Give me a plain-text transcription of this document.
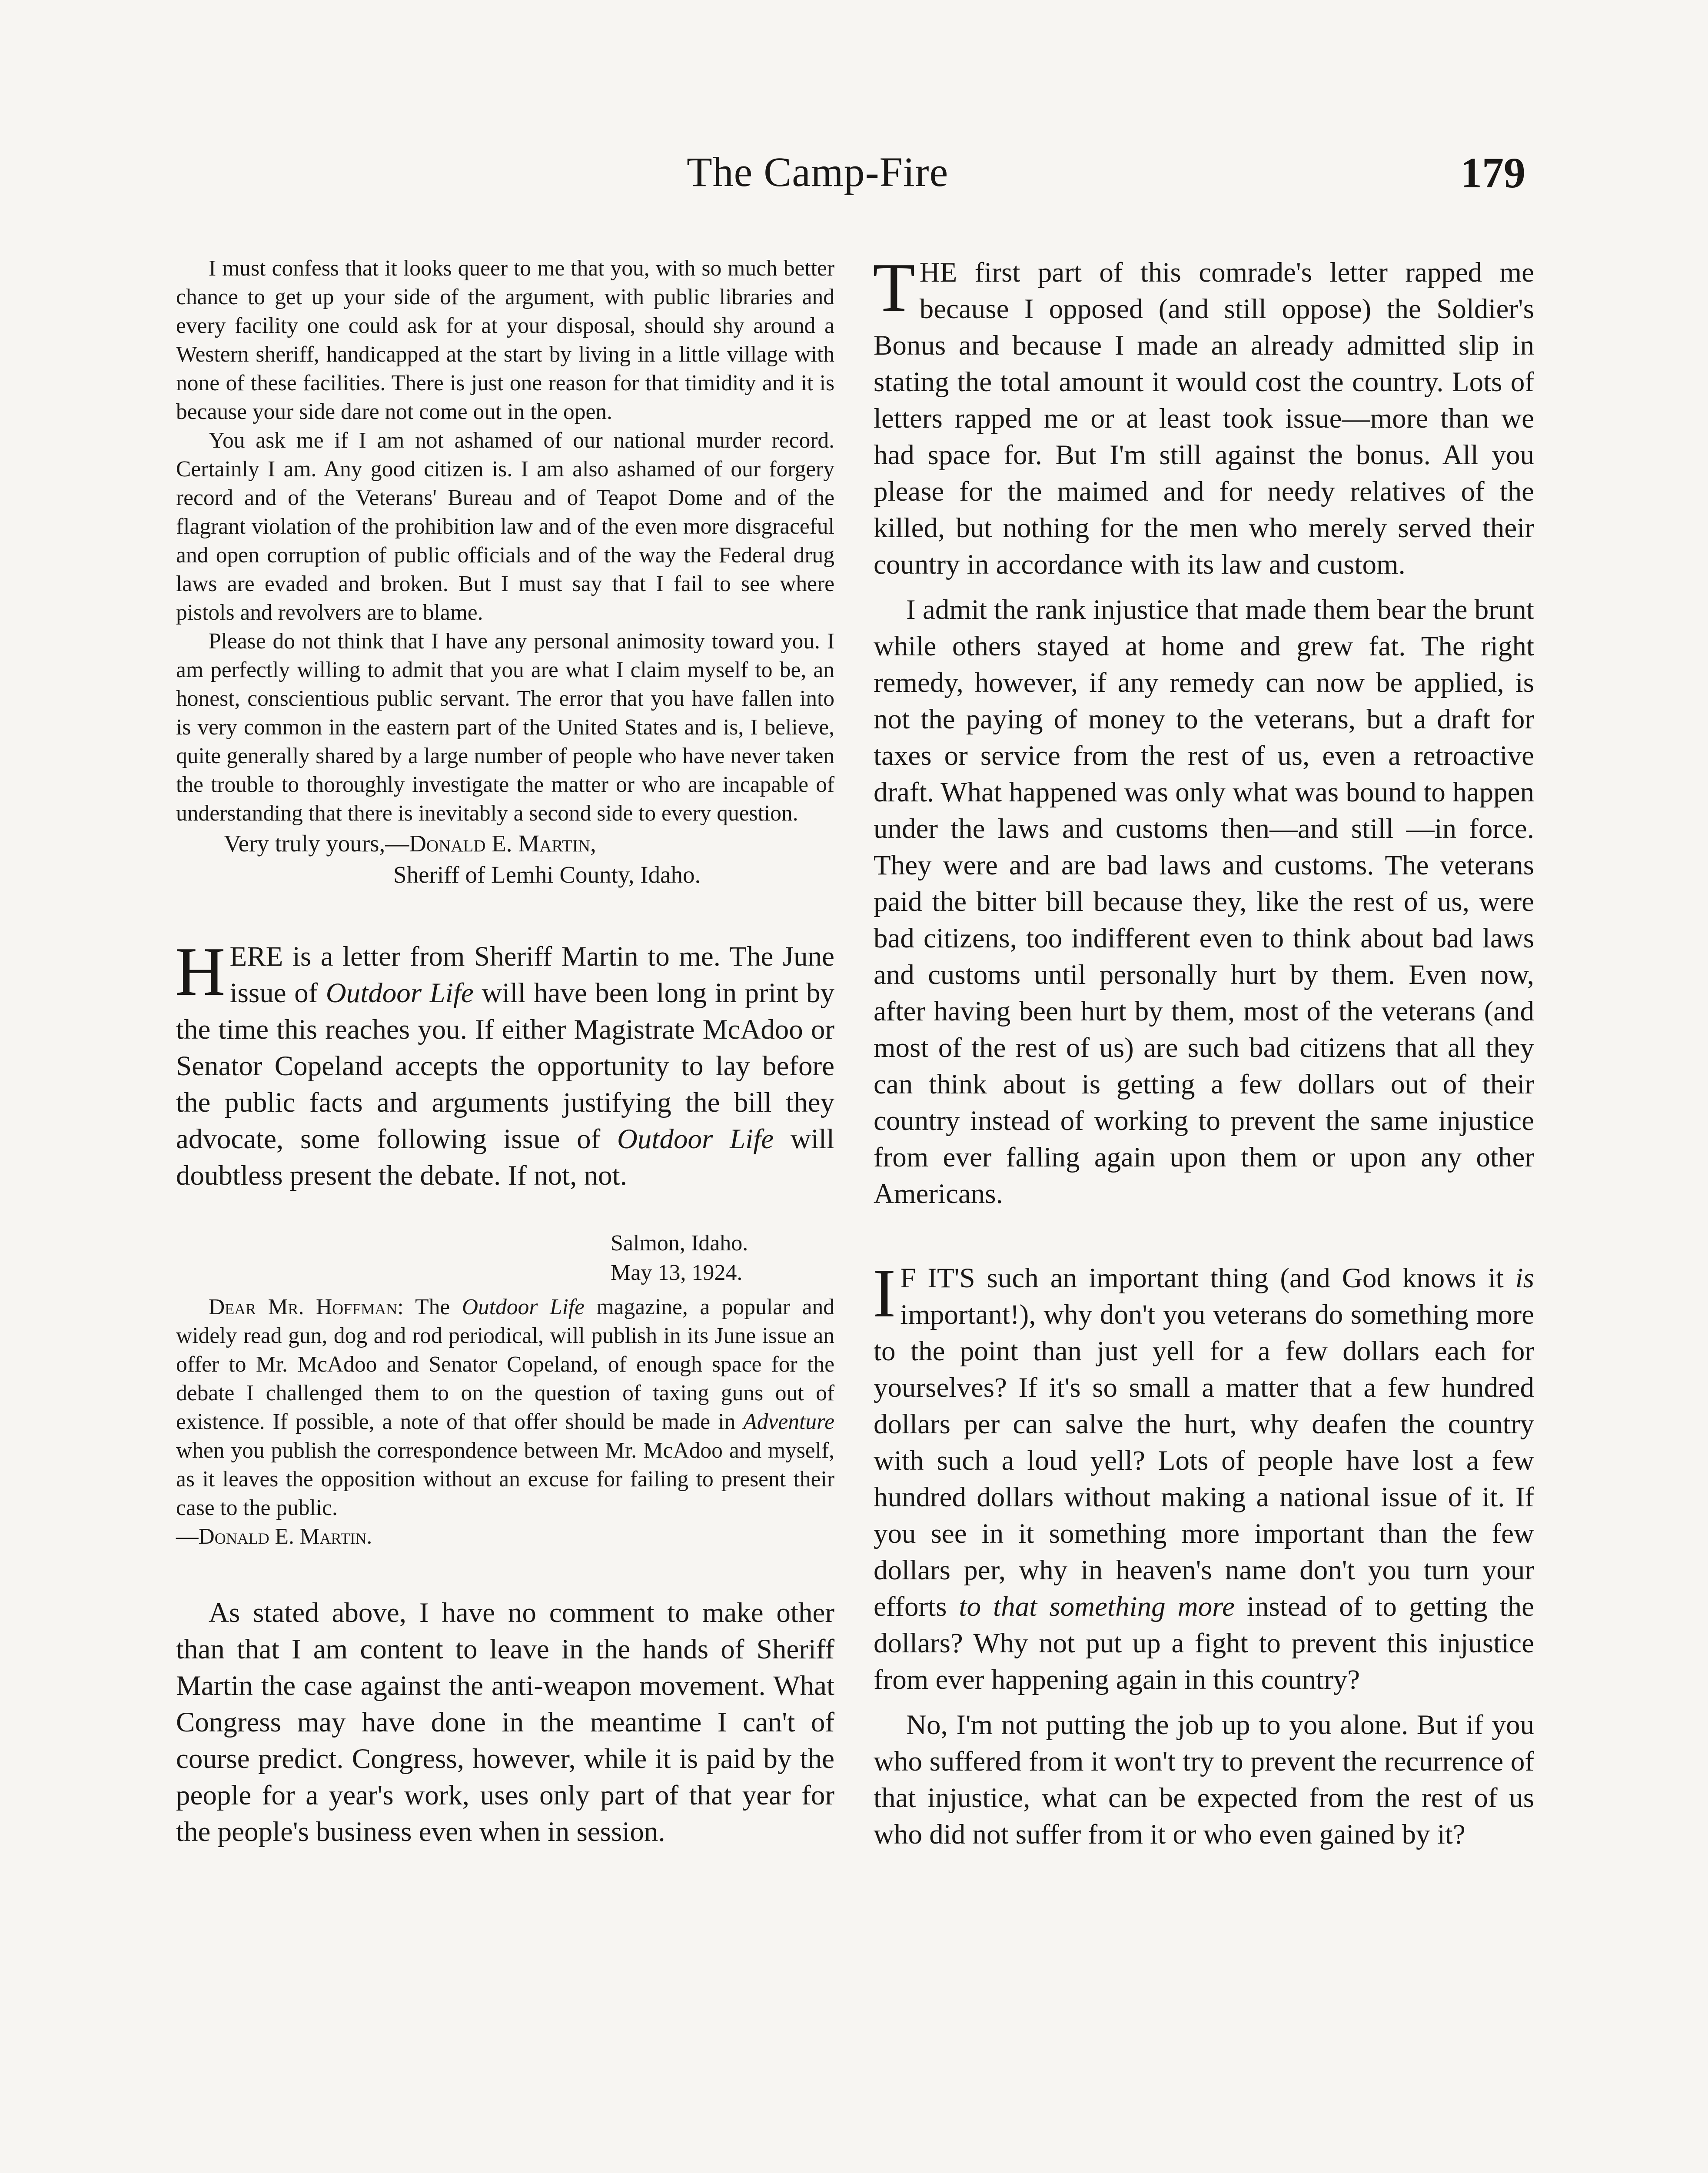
The Camp-Fire	179

I must confess that it looks queer to me that you, with so much better chance to get up your side of the argument, with public libraries and every facility one could ask for at your disposal, should shy around a Western sheriff, handicapped at the start by living in a little village with none of these facilities. There is just one reason for that timidity and it is because your side dare not come out in the open.

You ask me if I am not ashamed of our national murder record. Certainly I am. Any good citizen is. I am also ashamed of our forgery record and of the Veterans' Bureau and of Teapot Dome and of the flagrant violation of the prohibition law and of the even more disgraceful and open corruption of public officials and of the way the Federal drug laws are evaded and broken. But I must say that I fail to see where pistols and revolvers are to blame.

Please do not think that I have any personal animosity toward you. I am perfectly willing to admit that you are what I claim myself to be, an honest, conscientious public servant. The error that you have fallen into is very common in the eastern part of the United States and is, I believe, quite generally shared by a large number of people who have never taken the trouble to thoroughly investigate the matter or who are incapable of understanding that there is inevitably a second side to every question.

Very truly yours,—Donald E. Martin,
Sheriff of Lemhi County, Idaho.

HERE is a letter from Sheriff Martin to me. The June issue of Outdoor Life will have been long in print by the time this reaches you. If either Magistrate McAdoo or Senator Copeland accepts the opportunity to lay before the public facts and arguments justifying the bill they advocate, some following issue of Outdoor Life will doubtless present the debate. If not, not.

Salmon, Idaho.
May 13, 1924.

Dear Mr. Hoffman: The Outdoor Life magazine, a popular and widely read gun, dog and rod periodical, will publish in its June issue an offer to Mr. McAdoo and Senator Copeland, of enough space for the debate I challenged them to on the question of taxing guns out of existence. If possible, a note of that offer should be made in Adventure when you publish the correspondence between Mr. McAdoo and myself, as it leaves the opposition without an excuse for failing to present their case to the public.

—Donald E. Martin.

As stated above, I have no comment to make other than that I am content to leave in the hands of Sheriff Martin the case against the anti-weapon movement. What Congress may have done in the meantime I can't of course predict. Congress, however, while it is paid by the people for a year's work, uses only part of that year for the people's business even when in session.

THE first part of this comrade's letter rapped me because I opposed (and still oppose) the Soldier's Bonus and because I made an already admitted slip in stating the total amount it would cost the country. Lots of letters rapped me or at least took issue—more than we had space for. But I'm still against the bonus. All you please for the maimed and for needy relatives of the killed, but nothing for the men who merely served their country in accordance with its law and custom.

I admit the rank injustice that made them bear the brunt while others stayed at home and grew fat. The right remedy, however, if any remedy can now be applied, is not the paying of money to the veterans, but a draft for taxes or service from the rest of us, even a retroactive draft. What happened was only what was bound to happen under the laws and customs then—and still —in force. They were and are bad laws and customs. The veterans paid the bitter bill because they, like the rest of us, were bad citizens, too indifferent even to think about bad laws and customs until personally hurt by them. Even now, after having been hurt by them, most of the veterans (and most of the rest of us) are such bad citizens that all they can think about is getting a few dollars out of their country instead of working to prevent the same injustice from ever falling again upon them or upon any other Americans.

I F IT'S such an important thing (and God knows it is important!), why don't you veterans do something more to the point than just yell for a few dollars each for yourselves? If it's so small a matter that a few hundred dollars per can salve the hurt, why deafen the country with such a loud yell? Lots of people have lost a few hundred dollars without making a national issue of it. If you see in it something more important than the few dollars per, why in heaven's name don't you turn your efforts to that something more instead of to getting the dollars? Why not put up a fight to prevent this injustice from ever happening again in this country?

No, I'm not putting the job up to you alone. But if you who suffered from it won't try to prevent the recurrence of that injustice, what can be expected from the rest of us who did not suffer from it or who even gained by it?
